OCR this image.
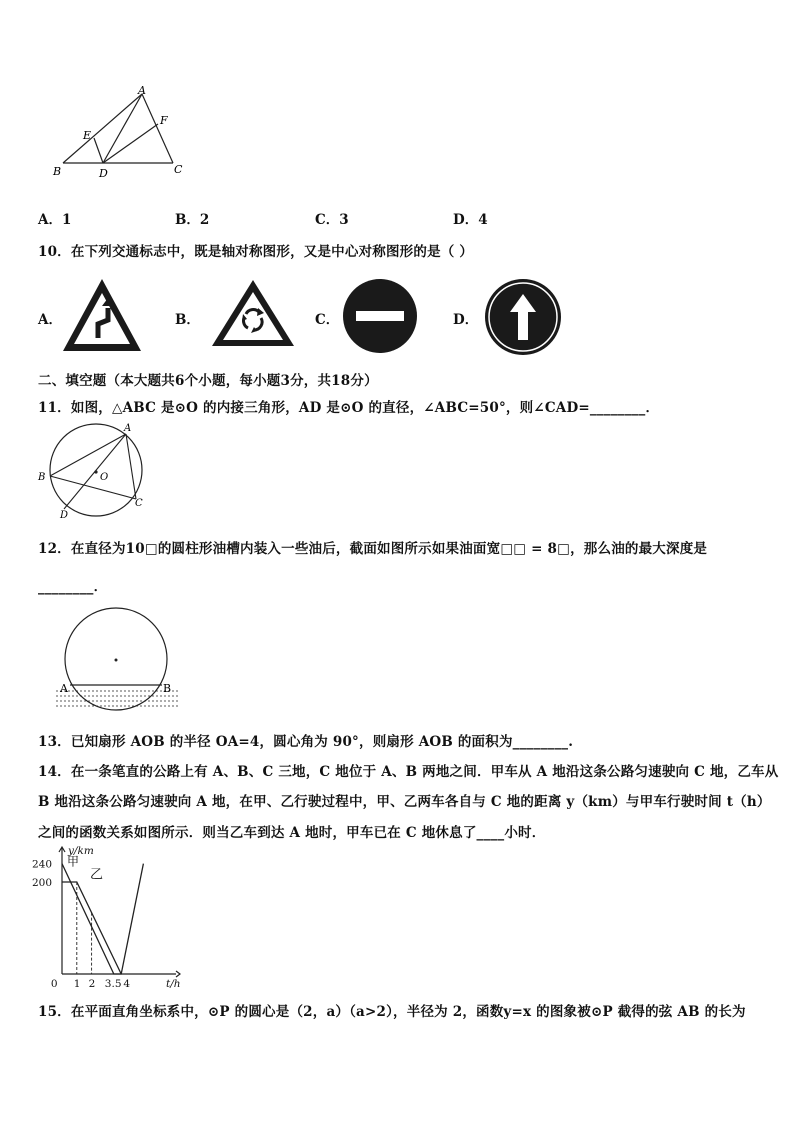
A
E
F
B	D	C
A．1	B．2	C．3	D．4
10．在下列交通标志中，既是轴对称图形，又是中心对称图形的是（ ）
A．	B．	C．	D．
二、填空题（本大题共6个小题，每小题3分，共18分）
11．如图，△ABC 是⊙O 的内接三角形，AD 是⊙O 的直径，∠ABC=50°，则∠CAD=________．
A
B	O
C
D
12．在直径为10□的圆柱形油槽内装入一些油后，截面如图所示如果油面宽□□ = 8□，那么油的最大深度是
________．
A	B
13．已知扇形 AOB 的半径 OA=4，圆心角为 90°，则扇形 AOB 的面积为________.
14．在一条笔直的公路上有 A、B、C 三地，C 地位于 A、B 两地之间．甲车从 A 地沿这条公路匀速驶向 C 地，乙车从
B 地沿这条公路匀速驶向 A 地，在甲、乙行驶过程中，甲、乙两车各自与 C 地的距离 y（km）与甲车行驶时间 t（h）
之间的函数关系如图所示．则当乙车到达 A 地时，甲车已在 C 地休息了____小时．
240
200
0 1 2 3.5 4
y/km
t/h
甲
乙
15．在平面直角坐标系中，⊙P 的圆心是（2，a）（a>2），半径为 2，函数y=x 的图象被⊙P 截得的弦 AB 的长为
